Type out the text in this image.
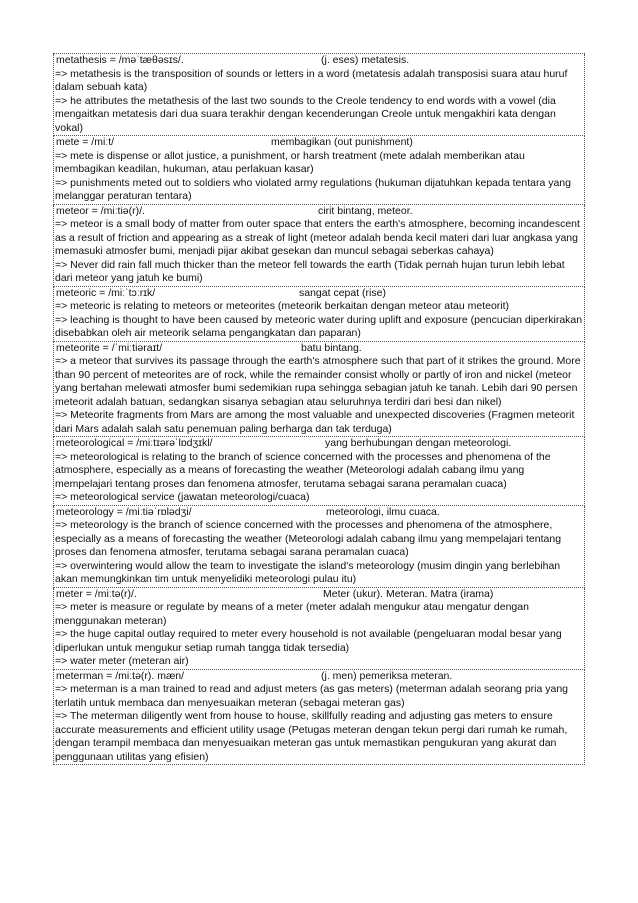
metathesis = /məˈtæθəsɪs/.	(j. eses) metatesis.
=> metathesis is the transposition of sounds or letters in a word (metatesis adalah transposisi suara atau huruf dalam sebuah kata)
=> he attributes the metathesis of the last two sounds to the Creole tendency to end words with a vowel (dia mengaitkan metatesis dari dua suara terakhir dengan kecenderungan Creole untuk mengakhiri kata dengan vokal)
mete = /miːt/	membagikan (out punishment)
=> mete is dispense or allot justice, a punishment, or harsh treatment (mete adalah memberikan atau membagikan keadilan, hukuman, atau perlakuan kasar)
=> punishments meted out to soldiers who violated army regulations (hukuman dijatuhkan kepada tentara yang melanggar peraturan tentara)
meteor = /miːtiə(r)/.	cirit bintang, meteor.
=> meteor is a small body of matter from outer space that enters the earth's atmosphere, becoming incandescent as a result of friction and appearing as a streak of light (meteor adalah benda kecil materi dari luar angkasa yang memasuki atmosfer bumi, menjadi pijar akibat gesekan dan muncul sebagai seberkas cahaya)
=> Never did rain fall much thicker than the meteor fell towards the earth (Tidak pernah hujan turun lebih lebat dari meteor yang jatuh ke bumi)
meteoric = /miːˈtɔːrɪk/	sangat cepat (rise)
=> meteoric is relating to meteors or meteorites (meteorik berkaitan dengan meteor atau meteorit)
=> leaching is thought to have been caused by meteoric water during uplift and exposure (pencucian diperkirakan disebabkan oleh air meteorik selama pengangkatan dan paparan)
meteorite = /ˈmiːtiəraɪt/	batu bintang.
=> a meteor that survives its passage through the earth's atmosphere such that part of it strikes the ground. More than 90 percent of meteorites are of rock, while the remainder consist wholly or partly of iron and nickel (meteor yang bertahan melewati atmosfer bumi sedemikian rupa sehingga sebagian jatuh ke tanah. Lebih dari 90 persen meteorit adalah batuan, sedangkan sisanya sebagian atau seluruhnya terdiri dari besi dan nikel)
=> Meteorite fragments from Mars are among the most valuable and unexpected discoveries (Fragmen meteorit dari Mars adalah salah satu penemuan paling berharga dan tak terduga)
meteorological = /miːtɪərəˈlɒdʒɪkl/	yang berhubungan dengan meteorologi.
=> meteorological is relating to the branch of science concerned with the processes and phenomena of the atmosphere, especially as a means of forecasting the weather (Meteorologi adalah cabang ilmu yang mempelajari tentang proses dan fenomena atmosfer, terutama sebagai sarana peramalan cuaca)
=> meteorological service (jawatan meteorologi/cuaca)
meteorology = /miːtiəˈrɒlədʒi/	meteorologi, ilmu cuaca.
=> meteorology is the branch of science concerned with the processes and phenomena of the atmosphere, especially as a means of forecasting the weather (Meteorologi adalah cabang ilmu yang mempelajari tentang proses dan fenomena atmosfer, terutama sebagai sarana peramalan cuaca)
=> overwintering would allow the team to investigate the island's meteorology (musim dingin yang berlebihan akan memungkinkan tim untuk menyelidiki meteorologi pulau itu)
meter = /miːtə(r)/.	Meter (ukur). Meteran. Matra (irama)
=> meter is measure or regulate by means of a meter (meter adalah mengukur atau mengatur dengan menggunakan meteran)
=> the huge capital outlay required to meter every household is not available (pengeluaran modal besar yang diperlukan untuk mengukur setiap rumah tangga tidak tersedia)
=> water meter (meteran air)
meterman = /miːtə(r). mæn/	(j. men) pemeriksa meteran.
=> meterman is a man trained to read and adjust meters (as gas meters) (meterman adalah seorang pria yang terlatih untuk membaca dan menyesuaikan meteran (sebagai meteran gas)
=> The meterman diligently went from house to house, skillfully reading and adjusting gas meters to ensure accurate measurements and efficient utility usage (Petugas meteran dengan tekun pergi dari rumah ke rumah, dengan terampil membaca dan menyesuaikan meteran gas untuk memastikan pengukuran yang akurat dan penggunaan utilitas yang efisien)
